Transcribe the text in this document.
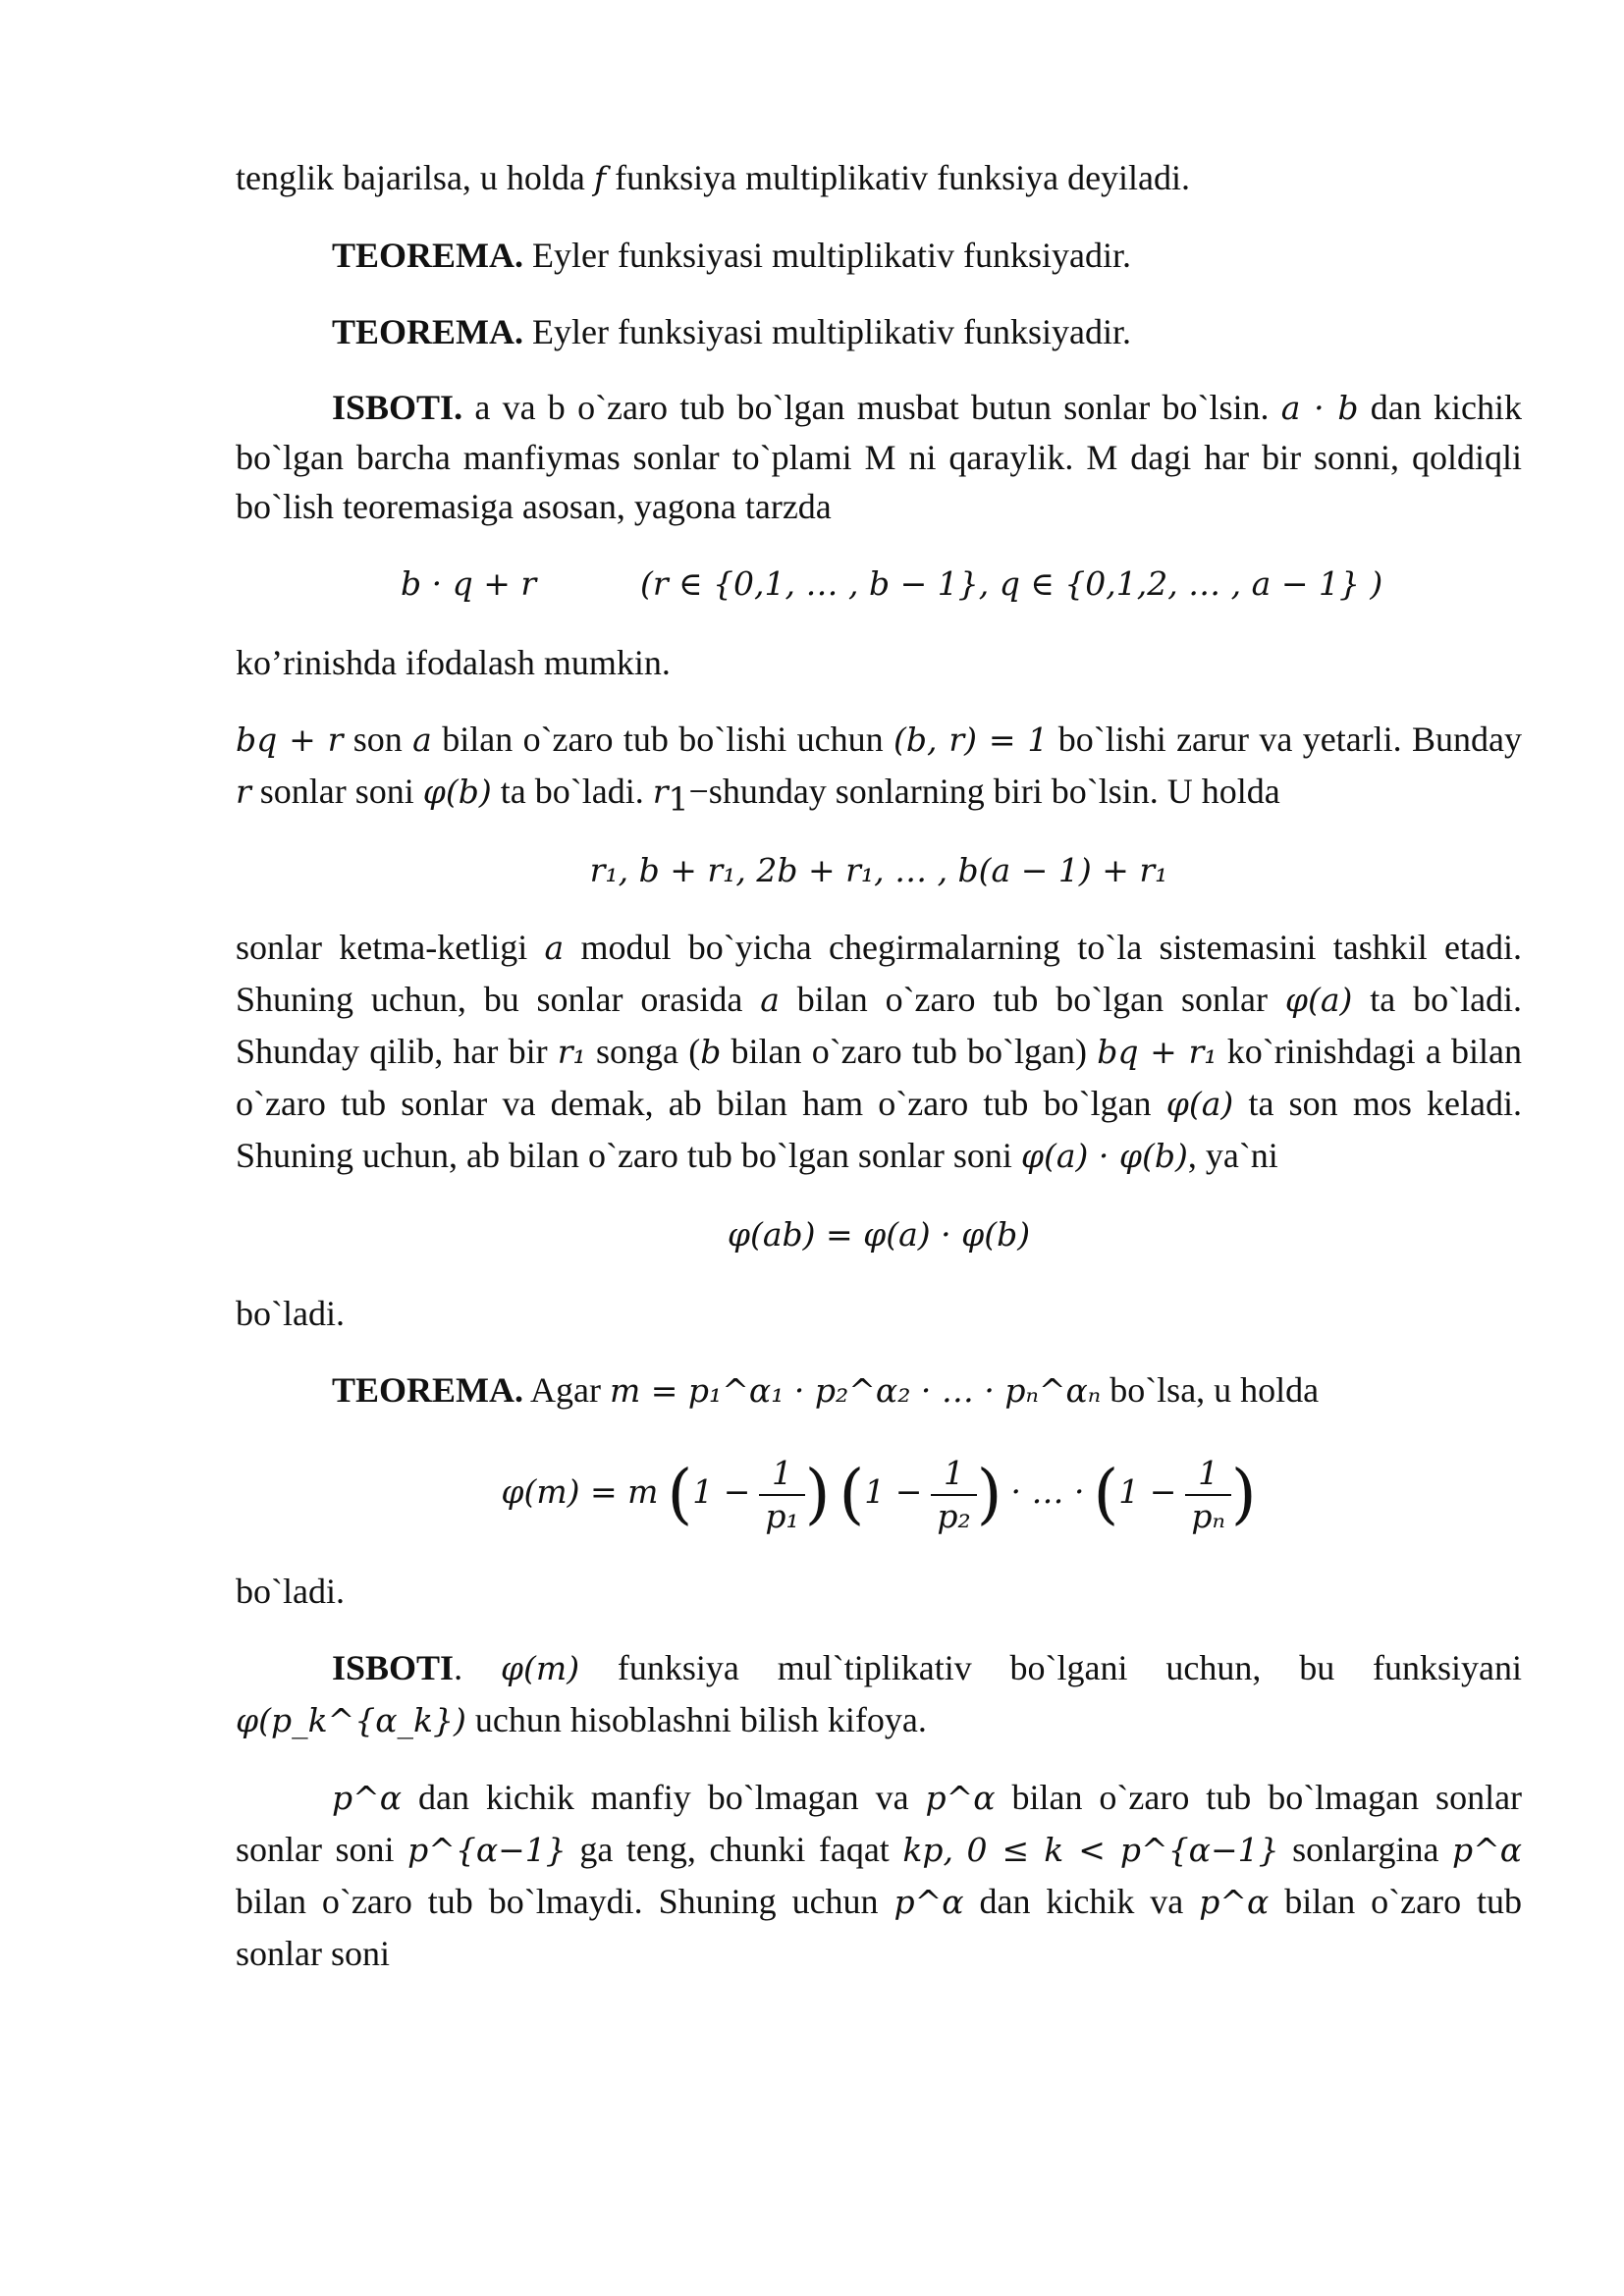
tenglik bajarilsa, u holda f funksiya multiplikativ funksiya deyiladi.

TEOREMA. Eyler funksiyasi multiplikativ funksiyadir.

TEOREMA. Eyler funksiyasi multiplikativ funksiyadir.

ISBOTI. a va b o`zaro tub bo`lgan musbat butun sonlar bo`lsin. a · b dan kichik bo`lgan barcha manfiymas sonlar to`plami M ni qaraylik. M dagi har bir sonni, qoldiqli bo`lish teoremasiga asosan, yagona tarzda

b · q + r	(r ∈ {0,1, … , b − 1}, q ∈ {0,1,2, … , a − 1} )

ko’rinishda ifodalash mumkin.

bq + r son a bilan o`zaro tub bo`lishi uchun (b, r) = 1 bo`lishi zarur va yetarli. Bunday r sonlar soni φ(b) ta bo`ladi. $r_1-shunday$ sonlarning biri bo`lsin. U holda

r₁, b + r₁, 2b + r₁, … , b(a − 1) + r₁

sonlar ketma-ketligi a modul bo`yicha chegirmalarning to`la sistemasini tashkil etadi. Shuning uchun, bu sonlar orasida a bilan o`zaro tub bo`lgan sonlar φ(a) ta bo`ladi. Shunday qilib, har bir r₁ songa (b bilan o`zaro tub bo`lgan) bq + r₁ ko`rinishdagi a bilan o`zaro tub sonlar va demak, ab bilan ham o`zaro tub bo`lgan φ(a) ta son mos keladi. Shuning uchun, ab bilan o`zaro tub bo`lgan sonlar soni φ(a) · φ(b), ya`ni

φ(ab) = φ(a) · φ(b)

bo`ladi.

TEOREMA. Agar m = p₁^α₁ · p₂^α₂ · … · pₙ^αₙ bo`lsa, u holda

φ(m) = m ($1 - \frac{1}{\text{p₁}}$ ) ($1 - \frac{1}{\text{p₂}}$ ) · … · ($1 - \frac{1}{\text{pₙ}}$ )

bo`ladi.

ISBOTI. φ(m) funksiya mul`tiplikativ bo`lgani uchun, bu funksiyani φ(p_k^{α_k}) uchun hisoblashni bilish kifoya.

p^α dan kichik manfiy bo`lmagan va p^α bilan o`zaro tub bo`lmagan sonlar sonlar soni p^{α−1} ga teng, chunki faqat kp, 0 ≤ k < p^{α−1} sonlargina p^α bilan o`zaro tub bo`lmaydi. Shuning uchun p^α dan kichik va p^α bilan o`zaro tub sonlar soni
